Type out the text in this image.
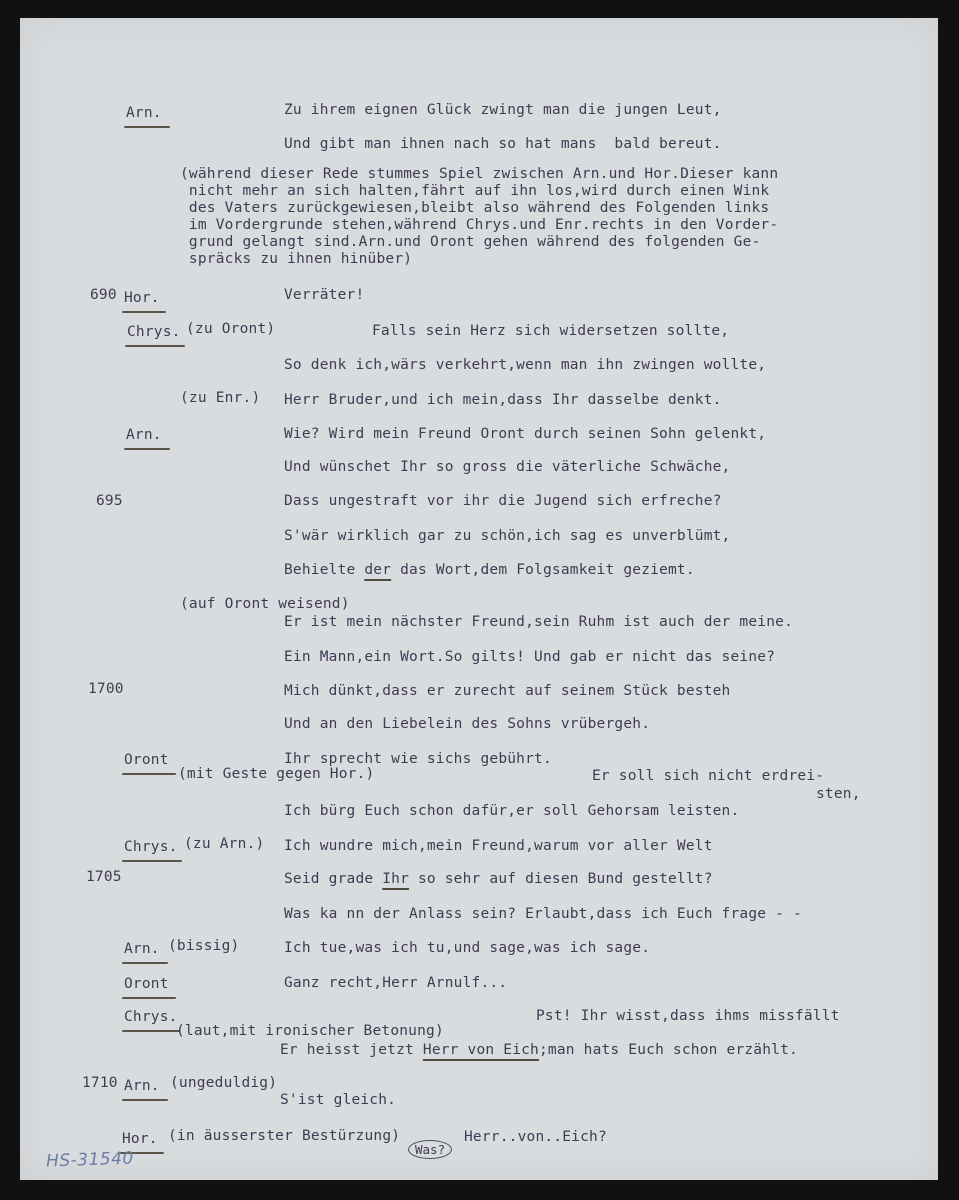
Arn.	Zu ihrem eignen Glück zwingt man die jungen Leut,

Und gibt man ihnen nach so hat mans  bald bereut.

(während dieser Rede stummes Spiel zwischen Arn.und Hor.Dieser kann
nicht mehr an sich halten,fährt auf ihn los,wird durch einen Wink
des Vaters zurückgewiesen,bleibt also während des Folgenden links
im Vordergrunde stehen,während Chrys.und Enr.rechts in den Vorder-
grund gelangt sind.Arn.und Oront gehen während des folgenden Ge-
spräcks zu ihnen hinüber)

690 Hor.	Verräter!

Chrys. (zu Oront)	Falls sein Herz sich widersetzen sollte,

So denk ich,wärs verkehrt,wenn man ihn zwingen wollte,

(zu Enr.) Herr Bruder,und ich mein,dass Ihr dasselbe denkt.

Arn.	Wie? Wird mein Freund Oront durch seinen Sohn gelenkt,

Und wünschet Ihr so gross die väterliche Schwäche,

695	Dass ungestraft vor ihr die Jugend sich erfreche?

S'wär wirklich gar zu schön,ich sag es unverblümt,

Behielte der das Wort,dem Folgsamkeit geziemt.

(auf Oront weisend)

Er ist mein nächster Freund,sein Ruhm ist auch der meine.

Ein Mann,ein Wort.So gilts! Und gab er nicht das seine?

1700	Mich dünkt,dass er zurecht auf seinem Stück besteh

Und an den Liebelein des Sohns vrübergeh.

Oront	Ihr sprecht wie sichs gebührt.

(mit Geste gegen Hor.)	Er soll sich nicht erdrei-

sten,

Ich bürg Euch schon dafür,er soll Gehorsam leisten.

Chrys. (zu Arn.) Ich wundre mich,mein Freund,warum vor aller Welt

1705	Seid grade Ihr so sehr auf diesen Bund gestellt?

Was ka nn der Anlass sein? Erlaubt,dass ich Euch frage - -

Arn. (bissig)	Ich tue,was ich tu,und sage,was ich sage.

Oront	Ganz recht,Herr Arnulf...

Chrys.	Pst! Ihr wisst,dass ihms missfällt

(laut,mit ironischer Betonung)

Er heisst jetzt Herr von Eich;man hats Euch schon erzählt.

1710 Arn. (ungeduldig)

S'ist gleich.

Hor. (in äusserster Bestürzung)	Herr..von..Eich?

Was?
HS-31540
